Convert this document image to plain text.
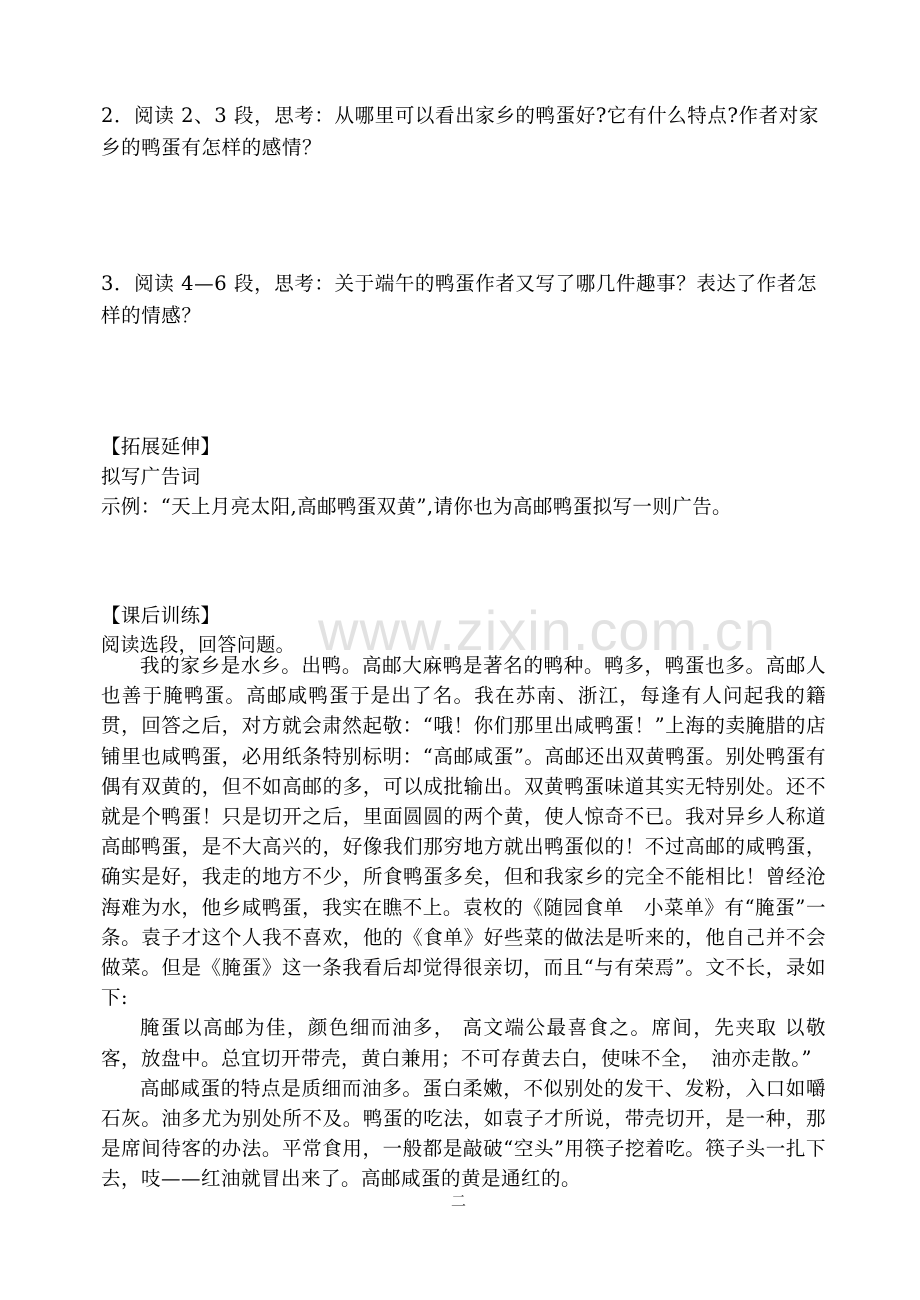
2．阅读 2、3 段，思考：从哪里可以看出家乡的鸭蛋好?它有什么特点?作者对家乡的鸭蛋有怎样的感情？
3．阅读 4—6 段，思考：关于端午的鸭蛋作者又写了哪几件趣事？表达了作者怎样的情感？
【拓展延伸】
拟写广告词
示例：“天上月亮太阳,高邮鸭蛋双黄”,请你也为高邮鸭蛋拟写一则广告。
【课后训练】
阅读选段，回答问题。

我的家乡是水乡。出鸭。高邮大麻鸭是著名的鸭种。鸭多，鸭蛋也多。高邮人也善于腌鸭蛋。高邮咸鸭蛋于是出了名。我在苏南、浙江，每逢有人问起我的籍贯，回答之后，对方就会肃然起敬：“哦！你们那里出咸鸭蛋！”上海的卖腌腊的店铺里也咸鸭蛋，必用纸条特别标明：“高邮咸蛋”。高邮还出双黄鸭蛋。别处鸭蛋有偶有双黄的，但不如高邮的多，可以成批输出。双黄鸭蛋味道其实无特别处。还不就是个鸭蛋！只是切开之后，里面圆圆的两个黄，使人惊奇不已。我对异乡人称道高邮鸭蛋，是不大高兴的，好像我们那穷地方就出鸭蛋似的！不过高邮的咸鸭蛋，确实是好，我走的地方不少，所食鸭蛋多矣，但和我家乡的完全不能相比！曾经沧海难为水，他乡咸鸭蛋，我实在瞧不上。袁枚的《随园食单　小菜单》有“腌蛋”一条。袁子才这个人我不喜欢，他的《食单》好些菜的做法是听来的，他自己并不会做菜。但是《腌蛋》这一条我看后却觉得很亲切，而且“与有荣焉”。文不长，录如下:

腌蛋以高邮为佳，颜色细而油多， 高文端公最喜食之。席间，先夹取 以敬客，放盘中。总宜切开带壳，黄白兼用；不可存黄去白，使味不全，　油亦走散。”

高邮咸蛋的特点是质细而油多。蛋白柔嫩，不似别处的发干、发粉，入口如嚼石灰。油多尤为别处所不及。鸭蛋的吃法，如袁子才所说，带壳切开，是一种，那是席间待客的办法。平常食用，一般都是敲破“空头”用筷子挖着吃。筷子头一扎下去，吱——红油就冒出来了。高邮咸蛋的黄是通红的。

www.zixin.com.cn
二
